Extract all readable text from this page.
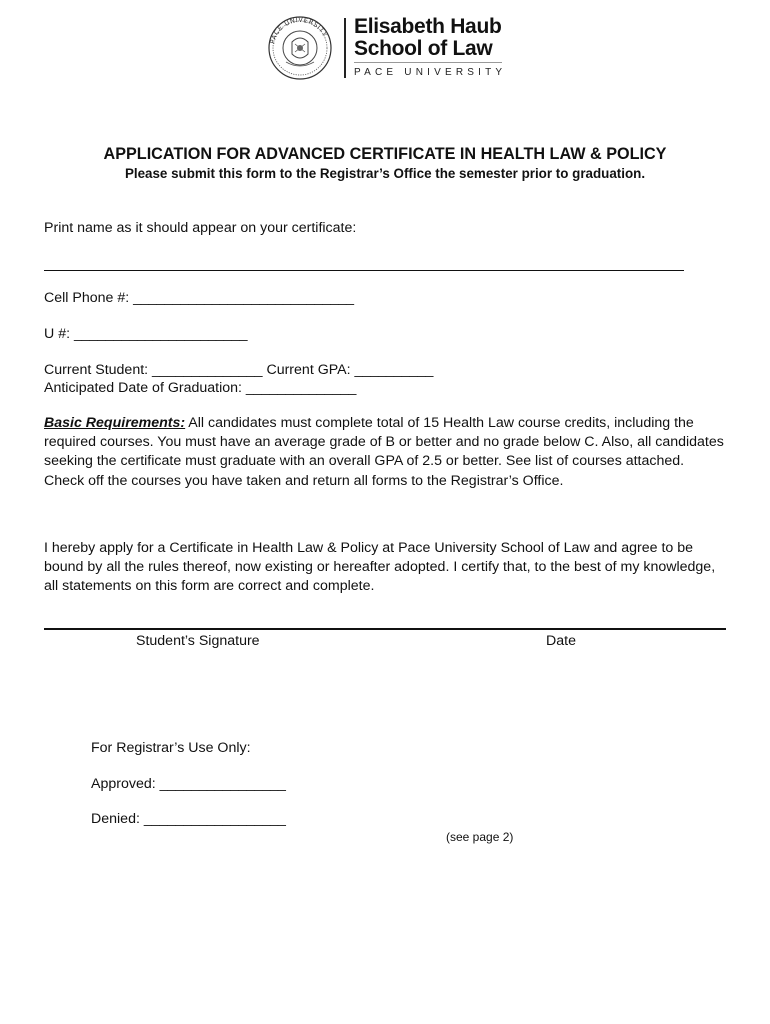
PACE UNIVERSITY Elisabeth Haub
School of Law
PACE UNIVERSITY
APPLICATION FOR ADVANCED CERTIFICATE IN HEALTH LAW & POLICY
Please submit this form to the Registrar’s Office the semester prior to graduation.
Print name as it should appear on your certificate:
Cell Phone #: ____________________________
U #: ______________________
Current Student: ______________ Current GPA: __________
Anticipated Date of Graduation: ______________
Basic Requirements: All candidates must complete total of 15 Health Law course credits, including the required courses. You must have an average grade of B or better and no grade below C. Also, all candidates seeking the certificate must graduate with an overall GPA of 2.5 or better. See list of courses attached. Check off the courses you have taken and return all forms to the Registrar’s Office.
I hereby apply for a Certificate in Health Law & Policy at Pace University School of Law and agree to be bound by all the rules thereof, now existing or hereafter adopted. I certify that, to the best of my knowledge, all statements on this form are correct and complete.
Student’s Signature	Date
For Registrar’s Use Only:
Approved: ________________
Denied: __________________
(see page 2)
